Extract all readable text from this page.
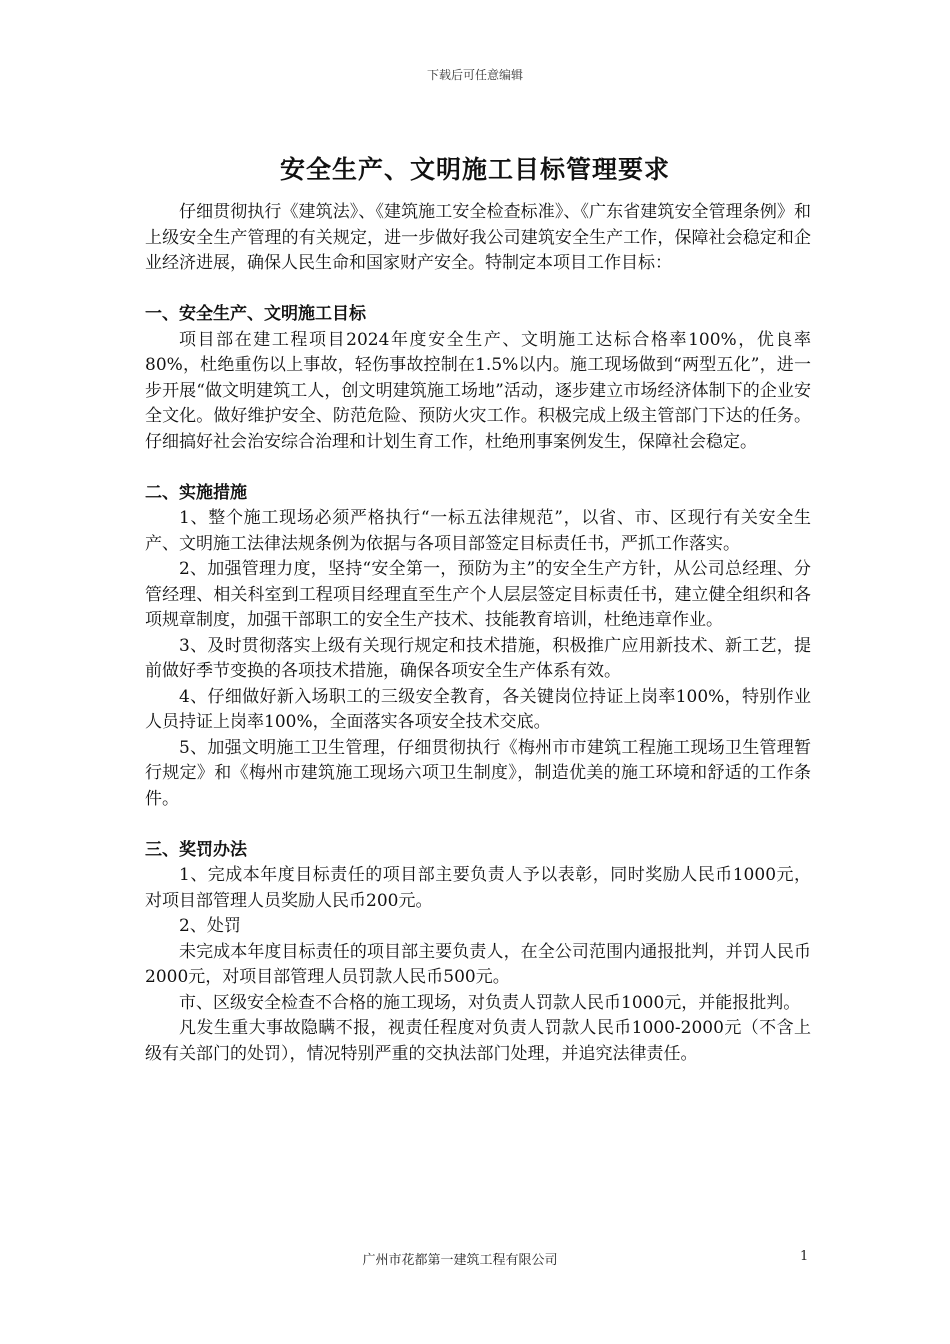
下载后可任意编辑
安全生产、文明施工目标管理要求

仔细贯彻执行《建筑法》、《建筑施工安全检查标准》、《广东省建筑安全管理条例》和上级安全生产管理的有关规定，进一步做好我公司建筑安全生产工作，保障社会稳定和企业经济进展，确保人民生命和国家财产安全。特制定本项目工作目标：

一、安全生产、文明施工目标

项目部在建工程项目2024年度安全生产、文明施工达标合格率100%，优良率80%，杜绝重伤以上事故，轻伤事故控制在1.5%以内。施工现场做到“两型五化”，进一步开展“做文明建筑工人，创文明建筑施工场地”活动，逐步建立市场经济体制下的企业安全文化。做好维护安全、防范危险、预防火灾工作。积极完成上级主管部门下达的任务。仔细搞好社会治安综合治理和计划生育工作，杜绝刑事案例发生，保障社会稳定。

二、实施措施

1、整个施工现场必须严格执行“一标五法律规范”，以省、市、区现行有关安全生产、文明施工法律法规条例为依据与各项目部签定目标责任书，严抓工作落实。

2、加强管理力度，坚持“安全第一，预防为主”的安全生产方针，从公司总经理、分管经理、相关科室到工程项目经理直至生产个人层层签定目标责任书，建立健全组织和各项规章制度，加强干部职工的安全生产技术、技能教育培训，杜绝违章作业。

3、及时贯彻落实上级有关现行规定和技术措施，积极推广应用新技术、新工艺，提前做好季节变换的各项技术措施，确保各项安全生产体系有效。

4、仔细做好新入场职工的三级安全教育，各关键岗位持证上岗率100%，特别作业人员持证上岗率100%，全面落实各项安全技术交底。

5、加强文明施工卫生管理，仔细贯彻执行《梅州市市建筑工程施工现场卫生管理暂行规定》和《梅州市建筑施工现场六项卫生制度》，制造优美的施工环境和舒适的工作条件。

三、奖罚办法

1、完成本年度目标责任的项目部主要负责人予以表彰，同时奖励人民币1000元，对项目部管理人员奖励人民币200元。

2、处罚

未完成本年度目标责任的项目部主要负责人，在全公司范围内通报批判，并罚人民币2000元，对项目部管理人员罚款人民币500元。

市、区级安全检查不合格的施工现场，对负责人罚款人民币1000元，并能报批判。

凡发生重大事故隐瞒不报，视责任程度对负责人罚款人民币1000-2000元（不含上级有关部门的处罚），情况特别严重的交执法部门处理，并追究法律责任。

广州市花都第一建筑工程有限公司	1
